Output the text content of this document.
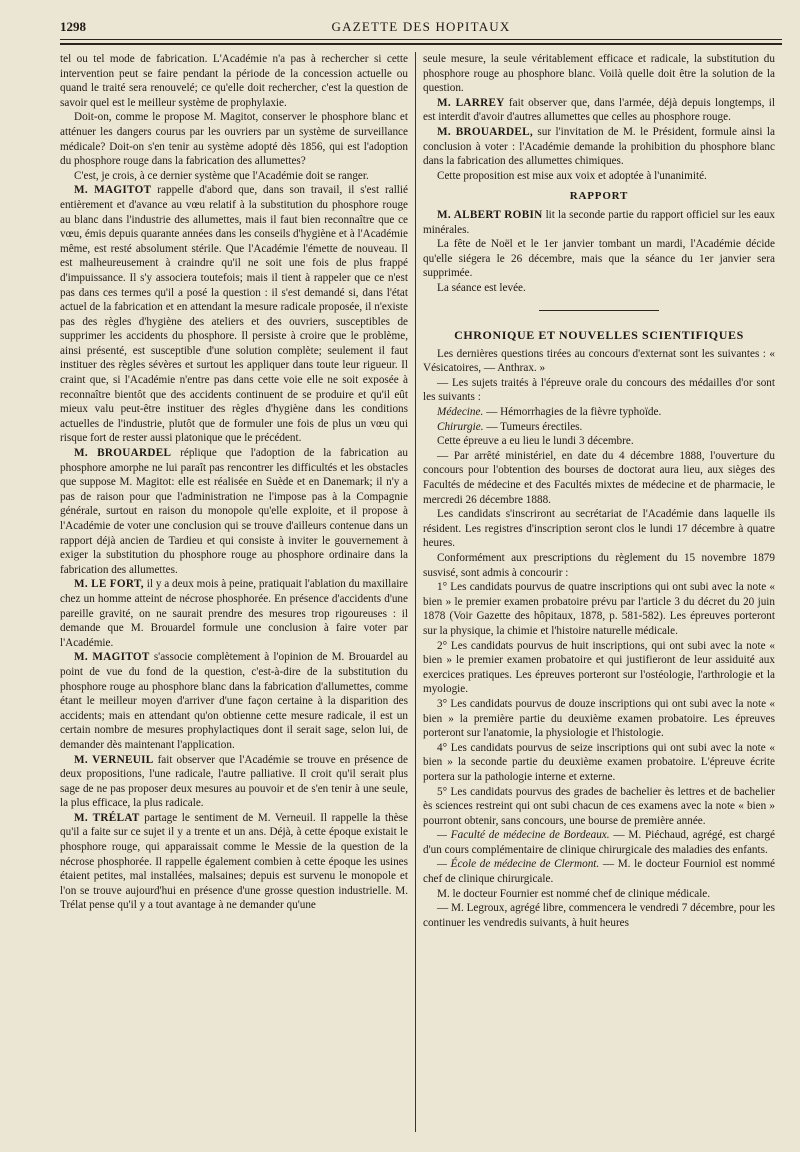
1298	GAZETTE DES HOPITAUX

tel ou tel mode de fabrication. L'Académie n'a pas à rechercher si cette intervention peut se faire pendant la période de la concession actuelle ou quand le traité sera renouvelé; ce qu'elle doit rechercher, c'est la question de savoir quel est le meilleur système de prophylaxie.

Doit-on, comme le propose M. Magitot, conserver le phosphore blanc et atténuer les dangers courus par les ouvriers par un système de surveillance médicale? Doit-on s'en tenir au système adopté dès 1856, qui est l'adoption du phosphore rouge dans la fabrication des allumettes?

C'est, je crois, à ce dernier système que l'Académie doit se ranger.

M. MAGITOT rappelle d'abord que, dans son travail, il s'est rallié entièrement et d'avance au vœu relatif à la substitution du phosphore rouge au blanc dans l'industrie des allumettes, mais il faut bien reconnaître que ce vœu, émis depuis quarante années dans les conseils d'hygiène et à l'Académie même, est resté absolument stérile. Que l'Académie l'émette de nouveau. Il est malheureusement à craindre qu'il ne soit une fois de plus frappé d'impuissance. Il s'y associera toutefois; mais il tient à rappeler que ce n'est pas dans ces termes qu'il a posé la question : il s'est demandé si, dans l'état actuel de la fabrication et en attendant la mesure radicale proposée, il n'existe pas des règles d'hygiène des ateliers et des ouvriers, susceptibles de supprimer les accidents du phosphore. Il persiste à croire que le problème, ainsi présenté, est susceptible d'une solution complète; seulement il faut instituer des règles sévères et surtout les appliquer dans toute leur rigueur. Il craint que, si l'Académie n'entre pas dans cette voie elle ne soit exposée à reconnaître bientôt que des accidents continuent de se produire et qu'il eût mieux valu peut-être instituer des règles d'hygiène dans les conditions actuelles de l'industrie, plutôt que de formuler une fois de plus un vœu qui risque fort de rester aussi platonique que le précédent.

M. BROUARDEL réplique que l'adoption de la fabrication au phosphore amorphe ne lui paraît pas rencontrer les difficultés et les obstacles que suppose M. Magitot: elle est réalisée en Suède et en Danemark; il n'y a pas de raison pour que l'administration ne l'impose pas à la Compagnie générale, surtout en raison du monopole qu'elle exploite, et il propose à l'Académie de voter une conclusion qui se trouve d'ailleurs contenue dans un rapport déjà ancien de Tardieu et qui consiste à inviter le gouvernement à exiger la substitution du phosphore rouge au phosphore ordinaire dans la fabrication des allumettes.

M. LE FORT, il y a deux mois à peine, pratiquait l'ablation du maxillaire chez un homme atteint de nécrose phosphorée. En présence d'accidents d'une pareille gravité, on ne saurait prendre des mesures trop rigoureuses : il demande que M. Brouardel formule une conclusion à faire voter par l'Académie.

M. MAGITOT s'associe complètement à l'opinion de M. Brouardel au point de vue du fond de la question, c'est-à-dire de la substitution du phosphore rouge au phosphore blanc dans la fabrication d'allumettes, comme étant le meilleur moyen d'arriver d'une façon certaine à la disparition des accidents; mais en attendant qu'on obtienne cette mesure radicale, il est un certain nombre de mesures prophylactiques dont il serait sage, selon lui, de demander dès maintenant l'application.

M. VERNEUIL fait observer que l'Académie se trouve en présence de deux propositions, l'une radicale, l'autre palliative. Il croit qu'il serait plus sage de ne pas proposer deux mesures au pouvoir et de s'en tenir à une seule, la plus efficace, la plus radicale.

M. TRÉLAT partage le sentiment de M. Verneuil. Il rappelle la thèse qu'il a faite sur ce sujet il y a trente et un ans. Déjà, à cette époque existait le phosphore rouge, qui apparaissait comme le Messie de la question de la nécrose phosphorée. Il rappelle également combien à cette époque les usines étaient petites, mal installées, malsaines; depuis est survenu le monopole et l'on se trouve aujourd'hui en présence d'une grosse question industrielle. M. Trélat pense qu'il y a tout avantage à ne demander qu'une

seule mesure, la seule véritablement efficace et radicale, la substitution du phosphore rouge au phosphore blanc. Voilà quelle doit être la solution de la question.

M. LARREY fait observer que, dans l'armée, déjà depuis longtemps, il est interdit d'avoir d'autres allumettes que celles au phosphore rouge.

M. BROUARDEL, sur l'invitation de M. le Président, formule ainsi la conclusion à voter : l'Académie demande la prohibition du phosphore blanc dans la fabrication des allumettes chimiques.

Cette proposition est mise aux voix et adoptée à l'unanimité.

RAPPORT

M. ALBERT ROBIN lit la seconde partie du rapport officiel sur les eaux minérales.

La fête de Noël et le 1er janvier tombant un mardi, l'Académie décide qu'elle siégera le 26 décembre, mais que la séance du 1er janvier sera supprimée.

La séance est levée.

CHRONIQUE ET NOUVELLES SCIENTIFIQUES

Les dernières questions tirées au concours d'externat sont les suivantes : « Vésicatoires, — Anthrax. »

— Les sujets traités à l'épreuve orale du concours des médailles d'or sont les suivants :

Médecine. — Hémorrhagies de la fièvre typhoïde.

Chirurgie. — Tumeurs érectiles.

Cette épreuve a eu lieu le lundi 3 décembre.

— Par arrêté ministériel, en date du 4 décembre 1888, l'ouverture du concours pour l'obtention des bourses de doctorat aura lieu, aux sièges des Facultés de médecine et des Facultés mixtes de médecine et de pharmacie, le mercredi 26 décembre 1888.

Les candidats s'inscriront au secrétariat de l'Académie dans laquelle ils résident. Les registres d'inscription seront clos le lundi 17 décembre à quatre heures.

Conformément aux prescriptions du règlement du 15 novembre 1879 susvisé, sont admis à concourir :

1° Les candidats pourvus de quatre inscriptions qui ont subi avec la note « bien » le premier examen probatoire prévu par l'article 3 du décret du 20 juin 1878 (Voir Gazette des hôpitaux, 1878, p. 581-582). Les épreuves porteront sur la physique, la chimie et l'histoire naturelle médicale.

2° Les candidats pourvus de huit inscriptions, qui ont subi avec la note « bien » le premier examen probatoire et qui justifieront de leur assiduité aux exercices pratiques. Les épreuves porteront sur l'ostéologie, l'arthrologie et la myologie.

3° Les candidats pourvus de douze inscriptions qui ont subi avec la note « bien » la première partie du deuxième examen probatoire. Les épreuves porteront sur l'anatomie, la physiologie et l'histologie.

4° Les candidats pourvus de seize inscriptions qui ont subi avec la note « bien » la seconde partie du deuxième examen probatoire. L'épreuve écrite portera sur la pathologie interne et externe.

5° Les candidats pourvus des grades de bachelier ès lettres et de bachelier ès sciences restreint qui ont subi chacun de ces examens avec la note « bien » pourront obtenir, sans concours, une bourse de première année.

— Faculté de médecine de Bordeaux. — M. Piéchaud, agrégé, est chargé d'un cours complémentaire de clinique chirurgicale des maladies des enfants.

— École de médecine de Clermont. — M. le docteur Fourniol est nommé chef de clinique chirurgicale.

M. le docteur Fournier est nommé chef de clinique médicale.

— M. Legroux, agrégé libre, commencera le vendredi 7 décembre, pour les continuer les vendredis suivants, à huit heures
